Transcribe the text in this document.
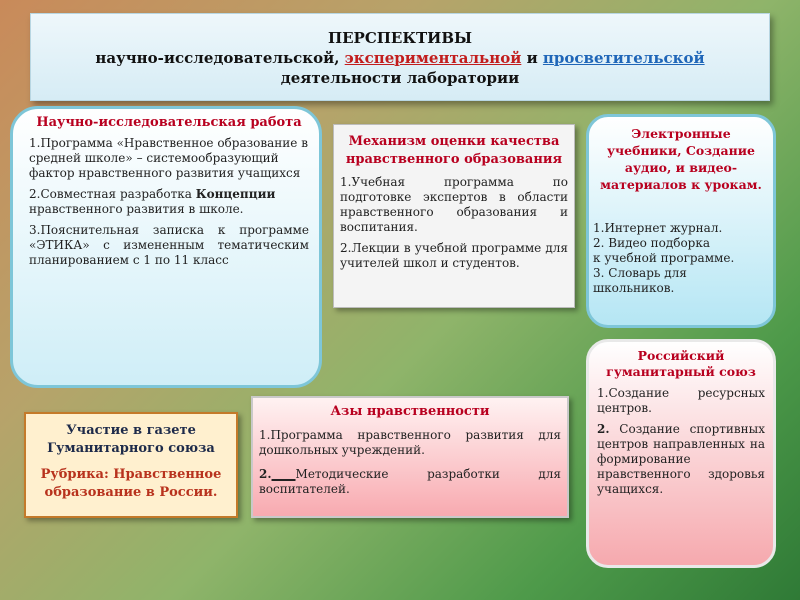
ПЕРСПЕКТИВЫ
научно-исследовательской, экспериментальной и просветительской
деятельности лаборатории
Научно-исследовательская работа

1.Программа «Нравственное образование в средней школе» – системообразующий фактор нравственного развития учащихся

2.Совместная разработка Концепции
нравственного развития в школе.

3.Пояснительная записка к программе «ЭТИКА» с измененным тематическим планированием с 1 по 11 класс

Механизм оценки качества нравственного образования

1.Учебная программа по подготовке экспертов в области нравственного образования и воспитания.

2.Лекции в учебной программе для учителей школ и студентов.

Электронные учебники, Создание аудио, и видео-материалов к урокам.
1.Интернет журнал.
2. Видео подборка
к учебной программе.
3. Словарь для школьников.
Участие в газете Гуманитарного союза
Рубрика: Нравственное образование в России.
Азы нравственности

1.Программа нравственного развития для дошкольных учреждений.

2.____Методические разработки для воспитателей.

Российский гуманитарный союз

1.Создание ресурсных центров.

2. Создание спортивных центров направленных на формирование нравственного здоровья учащихся.
